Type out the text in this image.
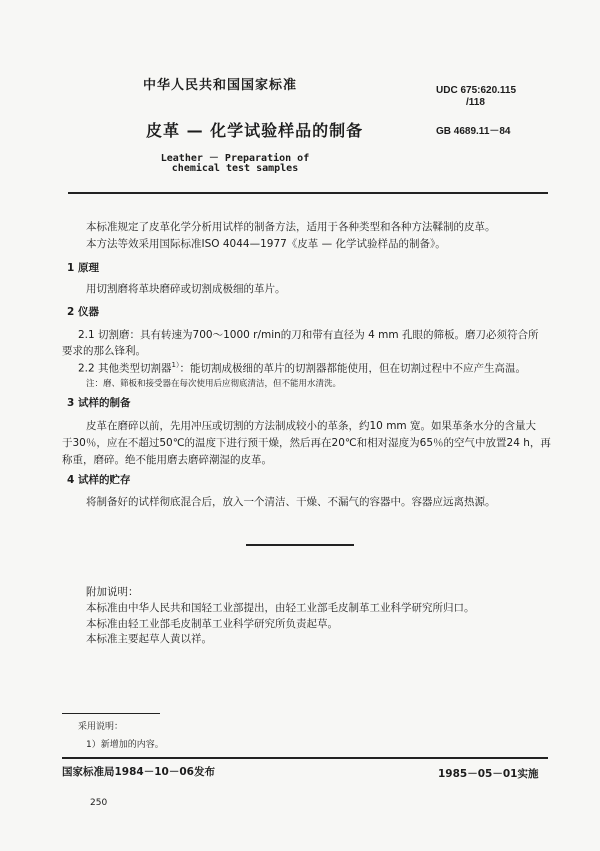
中华人民共和国国家标准	UDC 675:620.115
/118
皮革 — 化学试验样品的制备	GB 4689.11－84
Leather － Preparation of
chemical test samples
本标准规定了皮革化学分析用试样的制备方法，适用于各种类型和各种方法鞣制的皮革。
本方法等效采用国际标准ISO 4044—1977《皮革 — 化学试验样品的制备》。
1 原理
用切割磨将革块磨碎或切割成极细的革片。
2 仪器
2.1 切割磨：具有转速为700～1000 r/min的刀和带有直径为 4 mm 孔眼的筛板。磨刀必须符合所
要求的那么锋利。
2.2 其他类型切割器$^{1)}$：能切割成极细的革片的切割器都能使用，但在切割过程中不应产生高温。
注：磨、筛板和接受器在每次使用后应彻底清洁，但不能用水清洗。
3 试样的制备
皮革在磨碎以前，先用冲压或切割的方法制成较小的革条，约10 mm 宽。如果革条水分的含量大
于30％，应在不超过50℃的温度下进行预干燥，然后再在20℃和相对湿度为65％的空气中放置24 h，再
称重，磨碎。绝不能用磨去磨碎潮湿的皮革。
4 试样的贮存
将制备好的试样彻底混合后，放入一个清洁、干燥、不漏气的容器中。容器应远离热源。
附加说明：
本标准由中华人民共和国轻工业部提出，由轻工业部毛皮制革工业科学研究所归口。
本标准由轻工业部毛皮制革工业科学研究所负责起草。
本标准主要起草人黄以祥。
采用说明：
1）新增加的内容。
国家标准局1984－10－06发布	1985－05－01实施
250
